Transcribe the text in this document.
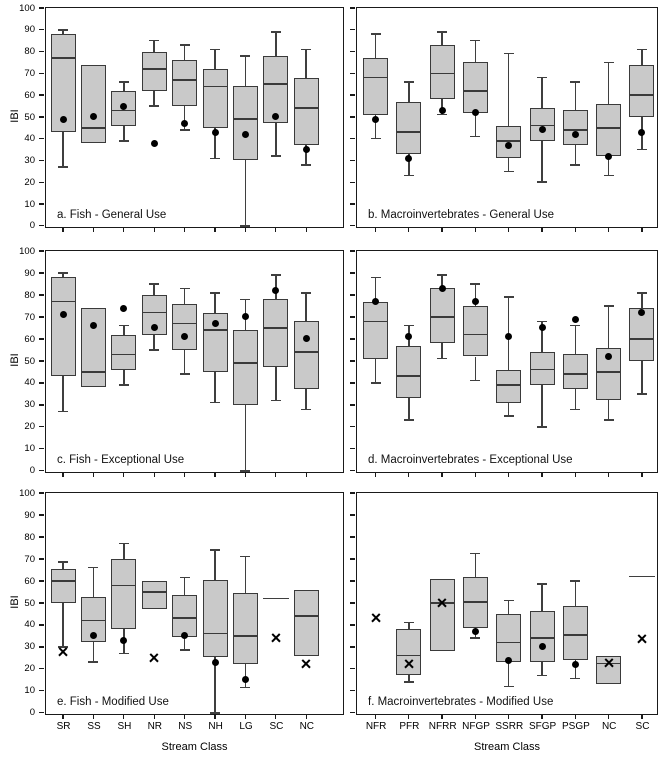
a. Fish - General Use	b. Macroinvertebrates - General Use
c. Fish - Exceptional Use	d. Macroinvertebrates - Exceptional Use
e. Fish - Modified Use	f. Macroinvertebrates - Modified Use
IBI
IBI
IBI
Stream Class	Stream Class
0
10
20
30
40
50
60
70
80
90
100
0
10
20
30
40
50
60
70
80
90
100
0
10
20
30
40
50
60
70
80
90
100
SR	SS	SH	NR	NS	NH	LG	SC	NC	NFR	PFR NFRR NFGP SSRR SFGP PSGP	NC	SC
